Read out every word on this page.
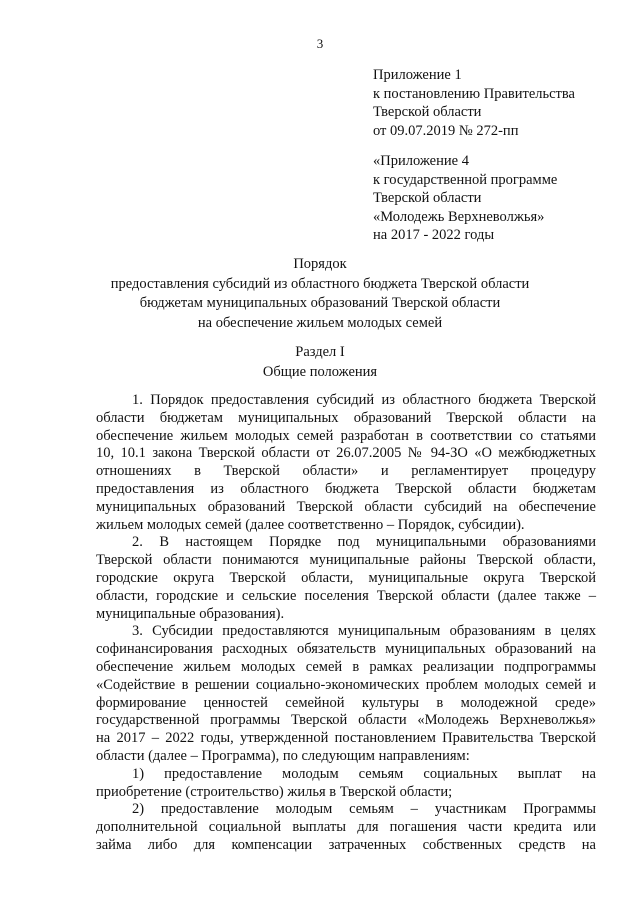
3
Приложение 1
к постановлению Правительства
Тверской области
от 09.07.2019 № 272-пп
«Приложение 4
к государственной программе
Тверской области
«Молодежь Верхневолжья»
на 2017 - 2022 годы
Порядок
предоставления субсидий из областного бюджета Тверской области
бюджетам муниципальных образований Тверской области
на обеспечение жильем молодых семей
Раздел I
Общие положения
1. Порядок предоставления субсидий из областного бюджета Тверской
области бюджетам муниципальных образований Тверской области на
обеспечение жильем молодых семей разработан в соответствии со статьями
10, 10.1 закона Тверской области от 26.07.2005 № 94-ЗО «О межбюджетных
отношениях в Тверской области» и регламентирует процедуру
предоставления из областного бюджета Тверской области бюджетам
муниципальных образований Тверской области субсидий на обеспечение
жильем молодых семей (далее соответственно – Порядок, субсидии).
2. В настоящем Порядке под муниципальными образованиями
Тверской области понимаются муниципальные районы Тверской области,
городские округа Тверской области, муниципальные округа Тверской
области, городские и сельские поселения Тверской области (далее также –
муниципальные образования).
3. Субсидии предоставляются муниципальным образованиям в целях
софинансирования расходных обязательств муниципальных образований на
обеспечение жильем молодых семей в рамках реализации подпрограммы
«Содействие в решении социально-экономических проблем молодых семей и
формирование ценностей семейной культуры в молодежной среде»
государственной программы Тверской области «Молодежь Верхневолжья»
на 2017 – 2022 годы, утвержденной постановлением Правительства Тверской
области (далее – Программа), по следующим направлениям:
1) предоставление молодым семьям социальных выплат на
приобретение (строительство) жилья в Тверской области;
2) предоставление молодым семьям – участникам Программы
дополнительной социальной выплаты для погашения части кредита или
займа либо для компенсации затраченных собственных средств на
